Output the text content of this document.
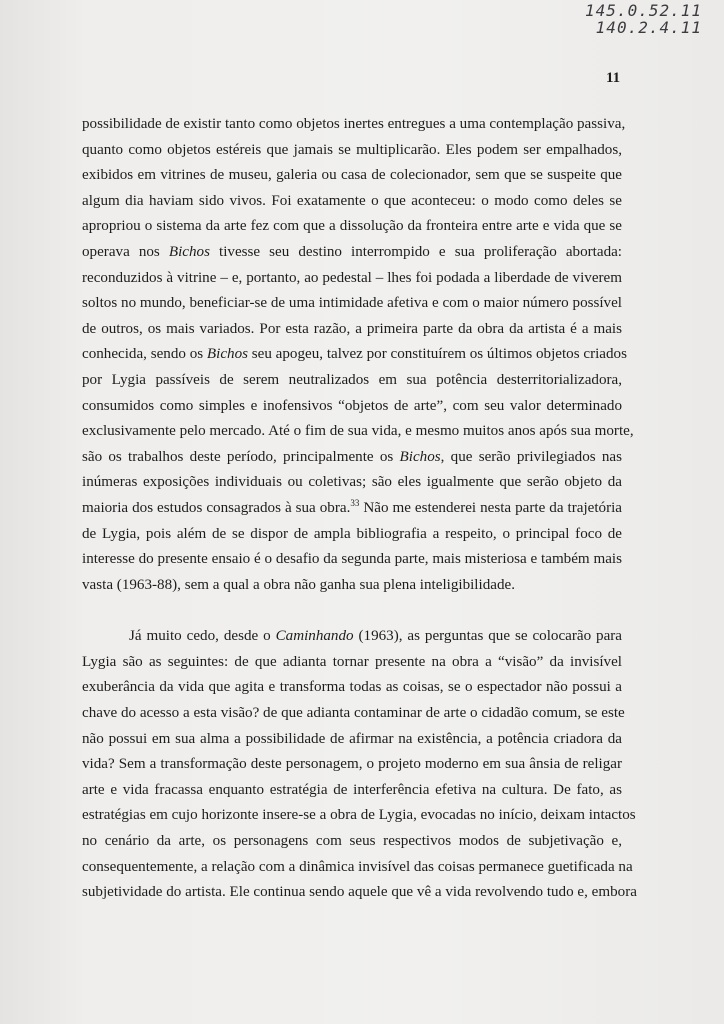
145.0.52.11
140.2.4.11
11

possibilidade de existir tanto como objetos inertes entregues a uma contemplação passiva,
quanto como objetos estéreis que jamais se multiplicarão. Eles podem ser empalhados,
exibidos em vitrines de museu, galeria ou casa de colecionador, sem que se suspeite que
algum dia haviam sido vivos. Foi exatamente o que aconteceu: o modo como deles se
apropriou o sistema da arte fez com que a dissolução da fronteira entre arte e vida que se
operava nos Bichos tivesse seu destino interrompido e sua proliferação abortada:
reconduzidos à vitrine – e, portanto, ao pedestal – lhes foi podada a liberdade de viverem
soltos no mundo, beneficiar-se de uma intimidade afetiva e com o maior número possível
de outros, os mais variados. Por esta razão, a primeira parte da obra da artista é a mais
conhecida, sendo os Bichos seu apogeu, talvez por constituírem os últimos objetos criados
por Lygia passíveis de serem neutralizados em sua potência desterritorializadora,
consumidos como simples e inofensivos “objetos de arte”, com seu valor determinado
exclusivamente pelo mercado. Até o fim de sua vida, e mesmo muitos anos após sua morte,
são os trabalhos deste período, principalmente os Bichos, que serão privilegiados nas
inúmeras exposições individuais ou coletivas; são eles igualmente que serão objeto da
maioria dos estudos consagrados à sua obra.$^{33}$ Não me estenderei nesta parte da trajetória
de Lygia, pois além de se dispor de ampla bibliografia a respeito, o principal foco de
interesse do presente ensaio é o desafio da segunda parte, mais misteriosa e também mais
vasta (1963-88), sem a qual a obra não ganha sua plena inteligibilidade.

Já muito cedo, desde o Caminhando (1963), as perguntas que se colocarão para
Lygia são as seguintes: de que adianta tornar presente na obra a “visão” da invisível
exuberância da vida que agita e transforma todas as coisas, se o espectador não possui a
chave do acesso a esta visão? de que adianta contaminar de arte o cidadão comum, se este
não possui em sua alma a possibilidade de afirmar na existência, a potência criadora da
vida? Sem a transformação deste personagem, o projeto moderno em sua ânsia de religar
arte e vida fracassa enquanto estratégia de interferência efetiva na cultura. De fato, as
estratégias em cujo horizonte insere-se a obra de Lygia, evocadas no início, deixam intactos
no cenário da arte, os personagens com seus respectivos modos de subjetivação e,
consequentemente, a relação com a dinâmica invisível das coisas permanece guetificada na
subjetividade do artista. Ele continua sendo aquele que vê a vida revolvendo tudo e, embora
